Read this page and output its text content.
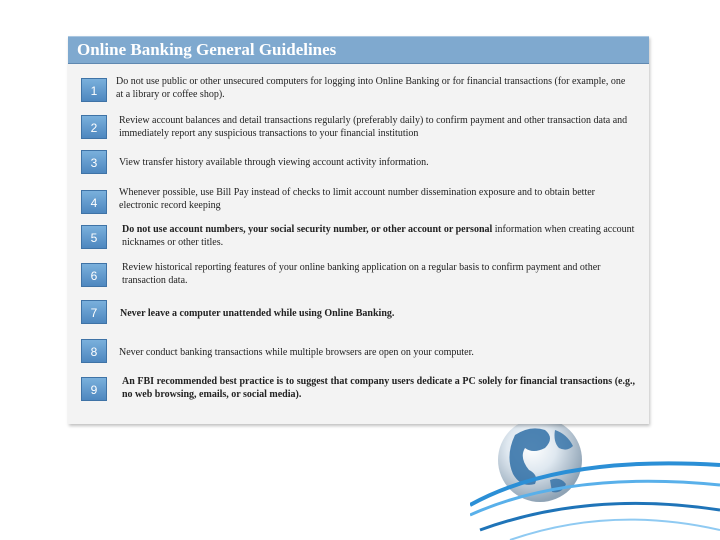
Online Banking General Guidelines
1
Do not use public or other unsecured computers for logging into Online Banking or for financial transactions (for example, one at a library or coffee shop).
2
Review account balances and detail transactions regularly (preferably daily) to confirm payment and other transaction data and immediately report any suspicious transactions to your financial institution
3	View transfer history available through viewing account activity information.
4
Whenever possible, use Bill Pay instead of checks to limit account number dissemination exposure and to obtain better electronic record keeping
5
Do not use account numbers, your social security number, or other account or personal information when creating account nicknames or other titles.
6
Review historical reporting features of your online banking application on a regular basis to confirm payment and other transaction data.
7	Never leave a computer unattended while using Online Banking.
8	Never conduct banking transactions while multiple browsers are open on your computer.
9
An FBI recommended best practice is to suggest that company users dedicate a PC solely for financial transactions (e.g., no web browsing, emails, or social media).
